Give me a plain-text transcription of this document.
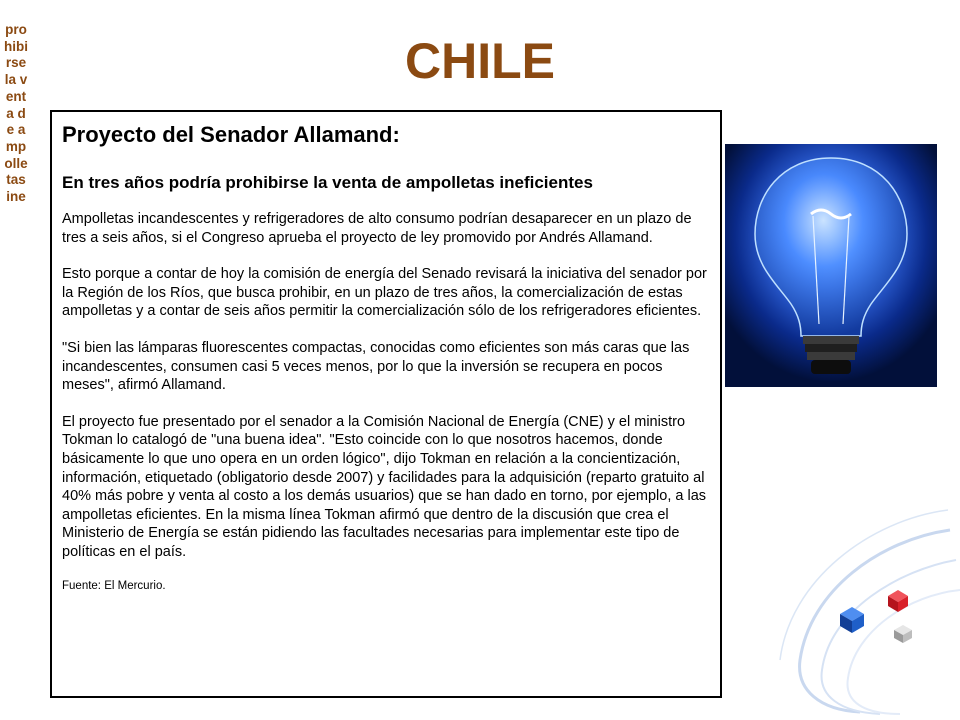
prohibirse la venta de ampolletas ine
CHILE
Proyecto del Senador Allamand:
En tres años podría prohibirse la venta de ampolletas ineficientes

Ampolletas incandescentes y refrigeradores de alto consumo podrían desaparecer en un plazo de tres a seis años, si el Congreso aprueba el proyecto de ley promovido por Andrés Allamand.

Esto porque a contar de hoy la comisión de energía del Senado revisará la iniciativa del senador por la Región de los Ríos, que busca prohibir, en un plazo de tres años, la comercialización de estas ampolletas y a contar de seis años permitir la comercialización sólo de los refrigeradores eficientes.

"Si bien las lámparas fluorescentes compactas, conocidas como eficientes son más caras que las incandescentes, consumen casi 5 veces menos, por lo que la inversión se recupera en pocos meses", afirmó Allamand.

El proyecto fue presentado por el senador a la Comisión Nacional de Energía (CNE) y el ministro Tokman lo catalogó de "una buena idea". "Esto coincide con lo que nosotros hacemos, donde básicamente lo que uno opera en un orden lógico", dijo Tokman en relación a la concientización, información, etiquetado (obligatorio desde 2007) y facilidades para la adquisición (reparto gratuito al 40% más pobre y venta al costo a los demás usuarios) que se han dado en torno, por ejemplo, a las ampolletas eficientes. En la misma línea Tokman afirmó que dentro de la discusión que crea el Ministerio de Energía se están pidiendo las facultades necesarias para implementar este tipo de políticas en el país.

Fuente: El Mercurio.
